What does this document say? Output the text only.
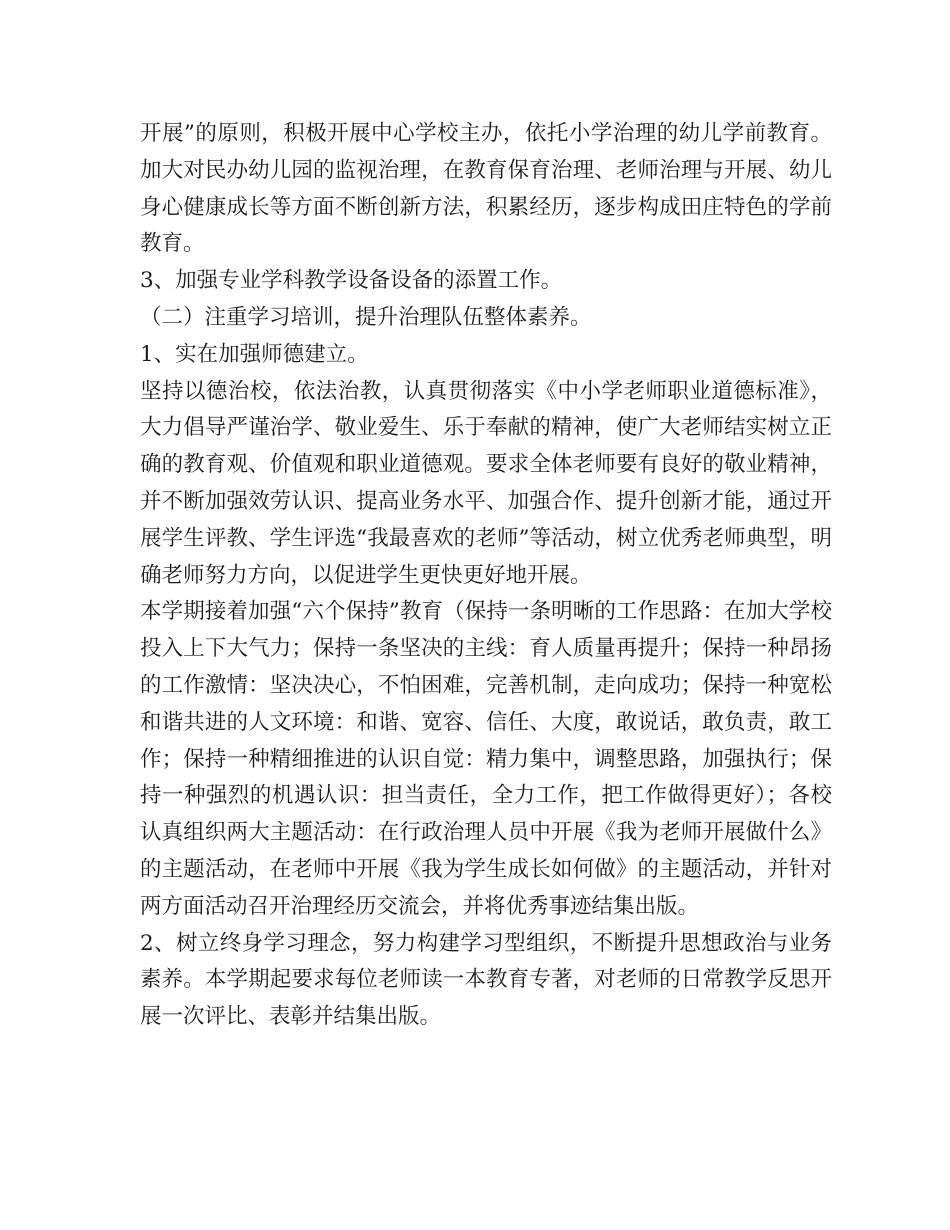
开展”的原则，积极开展中心学校主办，依托小学治理的幼儿学前教育。加大对民办幼儿园的监视治理，在教育保育治理、老师治理与开展、幼儿身心健康成长等方面不断创新方法，积累经历，逐步构成田庄特色的学前教育。

3、加强专业学科教学设备设备的添置工作。

（二）注重学习培训，提升治理队伍整体素养。

1、实在加强师德建立。

坚持以德治校，依法治教，认真贯彻落实《中小学老师职业道德标准》，大力倡导严谨治学、敬业爱生、乐于奉献的精神，使广大老师结实树立正确的教育观、价值观和职业道德观。要求全体老师要有良好的敬业精神，并不断加强效劳认识、提高业务水平、加强合作、提升创新才能，通过开展学生评教、学生评选“我最喜欢的老师”等活动，树立优秀老师典型，明确老师努力方向，以促进学生更快更好地开展。

本学期接着加强“六个保持”教育（保持一条明晰的工作思路：在加大学校投入上下大气力；保持一条坚决的主线：育人质量再提升；保持一种昂扬的工作激情：坚决决心，不怕困难，完善机制，走向成功；保持一种宽松和谐共进的人文环境：和谐、宽容、信任、大度，敢说话，敢负责，敢工作；保持一种精细推进的认识自觉：精力集中，调整思路，加强执行；保持一种强烈的机遇认识：担当责任，全力工作，把工作做得更好）；各校认真组织两大主题活动：在行政治理人员中开展《我为老师开展做什么》的主题活动，在老师中开展《我为学生成长如何做》的主题活动，并针对两方面活动召开治理经历交流会，并将优秀事迹结集出版。

2、树立终身学习理念，努力构建学习型组织，不断提升思想政治与业务素养。本学期起要求每位老师读一本教育专著，对老师的日常教学反思开展一次评比、表彰并结集出版。
